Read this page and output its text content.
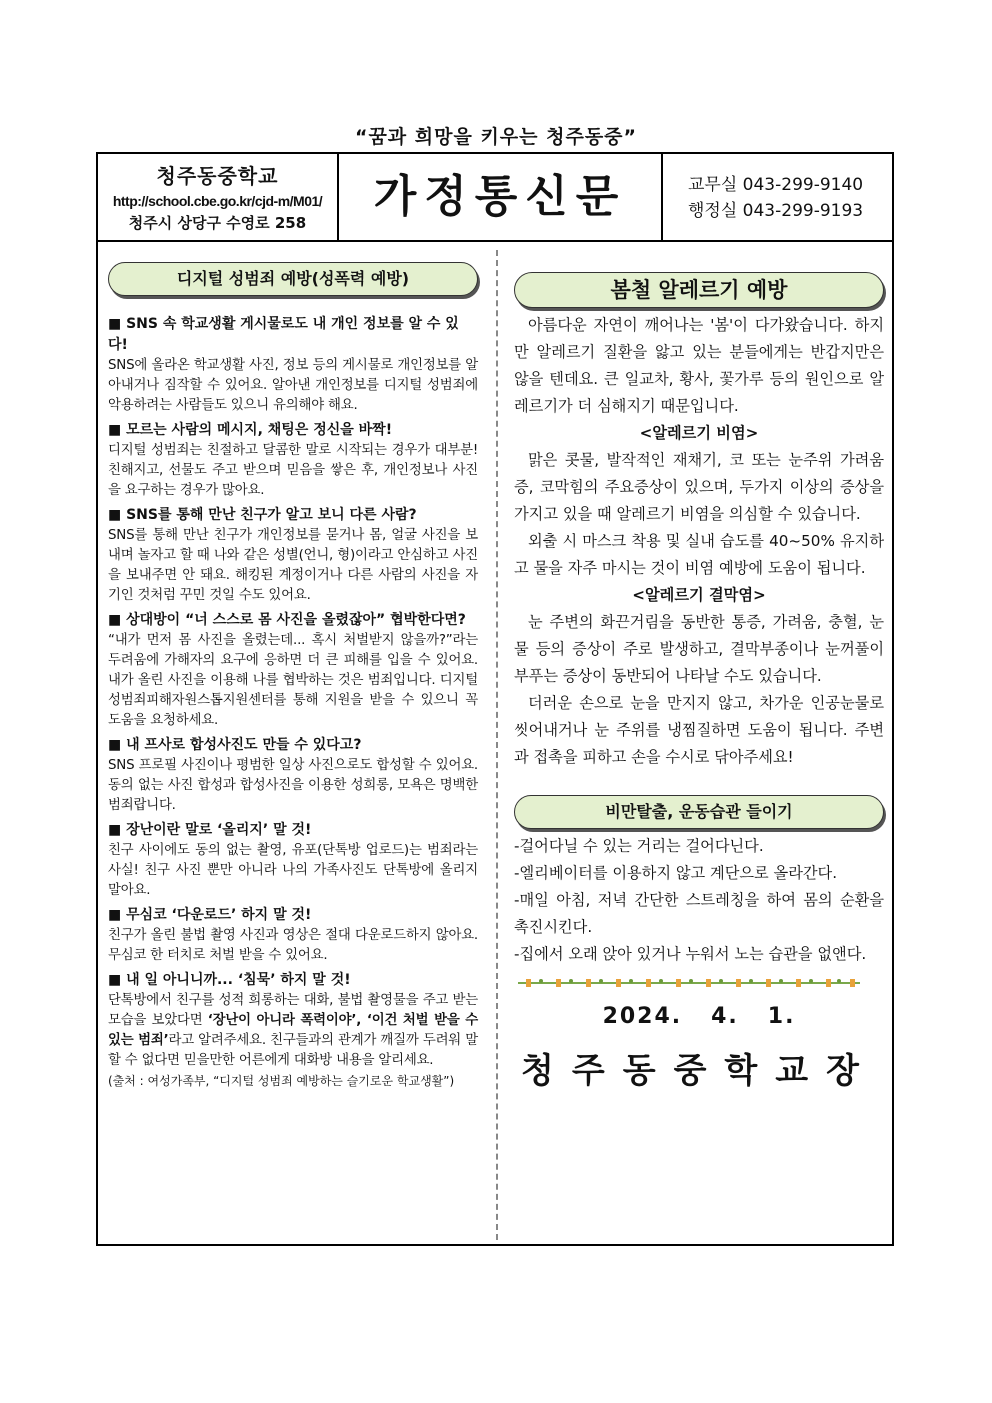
“꿈과 희망을 키우는 청주동중”
청주동중학교
http://school.cbe.go.kr/cjd-m/M01/
청주시 상당구 수영로 258
가정통신문	교무실 043-299-9140
행정실 043-299-9193
디지털 성범죄 예방(성폭력 예방)
■ SNS 속 학교생활 게시물로도 내 개인 정보를 알 수 있다!
SNS에 올라온 학교생활 사진, 정보 등의 게시물로 개인정보를 알아내거나 짐작할 수 있어요. 알아낸 개인정보를 디지털 성범죄에 악용하려는 사람들도 있으니 유의해야 해요.
■ 모르는 사람의 메시지, 채팅은 정신을 바짝!
디지털 성범죄는 친절하고 달콤한 말로 시작되는 경우가 대부분! 친해지고, 선물도 주고 받으며 믿음을 쌓은 후, 개인정보나 사진을 요구하는 경우가 많아요.
■ SNS를 통해 만난 친구가 알고 보니 다른 사람?
SNS를 통해 만난 친구가 개인정보를 묻거나 몸, 얼굴 사진을 보내며 놀자고 할 때 나와 같은 성별(언니, 형)이라고 안심하고 사진을 보내주면 안 돼요. 해킹된 계정이거나 다른 사람의 사진을 자기인 것처럼 꾸민 것일 수도 있어요.
■ 상대방이 “너 스스로 몸 사진을 올렸잖아” 협박한다면?
“내가 먼저 몸 사진을 올렸는데... 혹시 처벌받지 않을까?”라는 두려움에 가해자의 요구에 응하면 더 큰 피해를 입을 수 있어요. 내가 올린 사진을 이용해 나를 협박하는 것은 범죄입니다. 디지털성범죄피해자원스톱지원센터를 통해 지원을 받을 수 있으니 꼭 도움을 요청하세요.
■ 내 프사로 합성사진도 만들 수 있다고?
SNS 프로필 사진이나 평범한 일상 사진으로도 합성할 수 있어요. 동의 없는 사진 합성과 합성사진을 이용한 성희롱, 모욕은 명백한 범죄랍니다.
■ 장난이란 말로 ‘올리지’ 말 것!
친구 사이에도 동의 없는 촬영, 유포(단톡방 업로드)는 범죄라는 사실! 친구 사진 뿐만 아니라 나의 가족사진도 단톡방에 올리지 말아요.
■ 무심코 ‘다운로드’ 하지 말 것!
친구가 올린 불법 촬영 사진과 영상은 절대 다운로드하지 않아요. 무심코 한 터치로 처벌 받을 수 있어요.
■ 내 일 아니니까... ‘침묵’ 하지 말 것!
단톡방에서 친구를 성적 희롱하는 대화, 불법 촬영물을 주고 받는 모습을 보았다면 ‘장난이 아니라 폭력이야’, ‘이건 처벌 받을 수 있는 범죄’라고 알려주세요. 친구들과의 관계가 깨질까 두려워 말할 수 없다면 믿을만한 어른에게 대화방 내용을 알리세요.
(출처 : 여성가족부, “디지털 성범죄 예방하는 슬기로운 학교생활”)
봄철 알레르기 예방
아름다운 자연이 깨어나는 '봄'이 다가왔습니다. 하지만 알레르기 질환을 앓고 있는 분들에게는 반갑지만은 않을 텐데요. 큰 일교차, 황사, 꽃가루 등의 원인으로 알레르기가 더 심해지기 때문입니다.
<알레르기 비염>
맑은 콧물, 발작적인 재채기, 코 또는 눈주위 가려움증, 코막힘의 주요증상이 있으며, 두가지 이상의 증상을 가지고 있을 때 알레르기 비염을 의심할 수 있습니다.
외출 시 마스크 착용 및 실내 습도를 40~50% 유지하고 물을 자주 마시는 것이 비염 예방에 도움이 됩니다.
<알레르기 결막염>
눈 주변의 화끈거림을 동반한 통증, 가려움, 충혈, 눈물 등의 증상이 주로 발생하고, 결막부종이나 눈꺼풀이 부푸는 증상이 동반되어 나타날 수도 있습니다.
더러운 손으로 눈을 만지지 않고, 차가운 인공눈물로 씻어내거나 눈 주위를 냉찜질하면 도움이 됩니다. 주변과 접촉을 피하고 손을 수시로 닦아주세요!
비만탈출, 운동습관 들이기
-걸어다닐 수 있는 거리는 걸어다닌다.
-엘리베이터를 이용하지 않고 계단으로 올라간다.
-매일 아침, 저녁 간단한 스트레칭을 하여 몸의 순환을 촉진시킨다.
-집에서 오래 앉아 있거나 누워서 노는 습관을 없앤다.
2024.   4.   1.
청주동중학교장
